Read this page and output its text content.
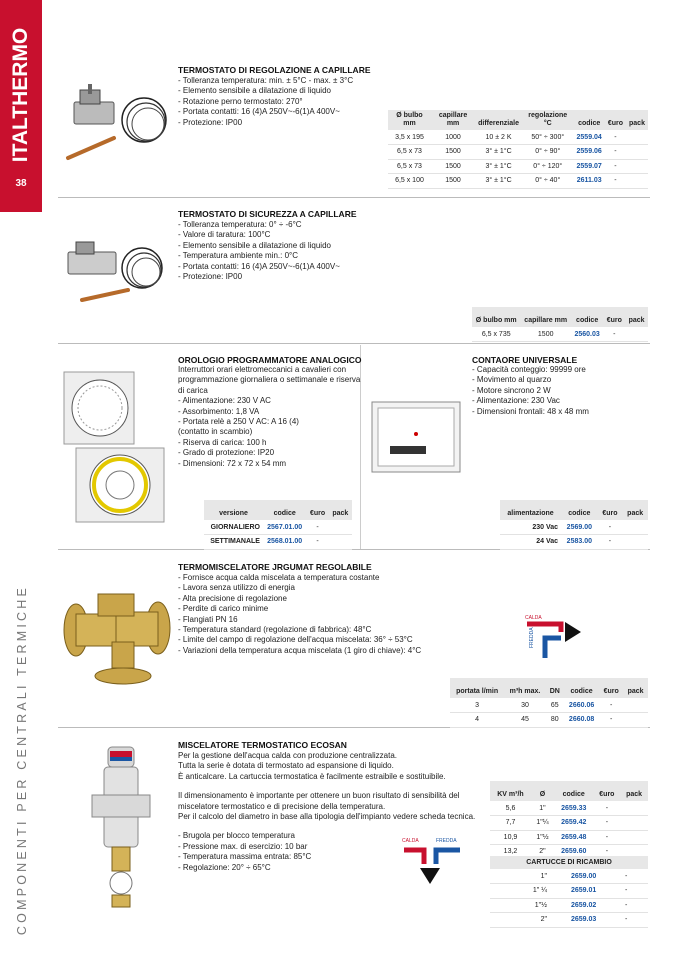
ITALTHERMO
38
COMPONENTI PER CENTRALI TERMICHE
TERMOSTATO DI REGOLAZIONE A CAPILLARE
- Tolleranza temperatura: min. ± 5°C - max. ± 3°C
- Elemento sensibile a dilatazione di liquido
- Rotazione perno termostato: 270°
- Portata contatti: 16 (4)A 250V~-6(1)A 400V~
- Protezione: IP00
Ø bulbo mm	capillare mm	differenziale	regolazione °C	codice	€uro	pack
3,5 x 195	1000	10 ± 2 K	50° ÷ 300°	2559.04	-	
6,5 x 73	1500	3° ± 1°C	0° ÷ 90°	2559.06	-	
6,5 x 73	1500	3° ± 1°C	0° ÷ 120°	2559.07	-	
6,5 x 100	1500	3° ± 1°C	0° ÷ 40°	2611.03	-	
TERMOSTATO DI SICUREZZA A CAPILLARE
- Tolleranza temperatura: 0° ÷ -6°C
- Valore di taratura: 100°C
- Elemento sensibile a dilatazione di liquido
- Temperatura ambiente min.: 0°C
- Portata contatti: 16 (4)A 250V~-6(1)A 400V~
- Protezione: IP00
Ø bulbo mm	capillare mm	codice	€uro	pack
6,5 x 735	1500	2560.03	-	
OROLOGIO PROGRAMMATORE ANALOGICO
Interruttori orari elettromeccanici a cavalieri con
programmazione giornaliera o settimanale e riserva
di carica
- Alimentazione: 230 V AC
- Assorbimento: 1,8 VA
- Portata relè a 250 V AC: A 16 (4)
(contatto in scambio)
- Riserva di carica: 100 h
- Grado di protezione: IP20
- Dimensioni: 72 x 72 x 54 mm
versione	codice	€uro	pack
GIORNALIERO	2567.01.00	-	
SETTIMANALE	2568.01.00	-	
CONTAORE UNIVERSALE
- Capacità conteggio: 99999 ore
- Movimento al quarzo
- Motore sincrono 2 W
- Alimentazione: 230 Vac
- Dimensioni frontali: 48 x 48 mm
alimentazione	codice	€uro	pack
230 Vac	2569.00	-	
24 Vac	2583.00	-	
TERMOMISCELATORE JRGUMAT REGOLABILE
- Fornisce acqua calda miscelata a temperatura costante
- Lavora senza utilizzo di energia
- Alta precisione di regolazione
- Perdite di carico minime
- Flangiati PN 16
- Temperatura standard (regolazione di fabbrica): 48°C
- Limite del campo di regolazione dell'acqua miscelata: 36° ÷ 53°C
- Variazioni della temperatura acqua miscelata (1 giro di chiave): 4°C
CALDA
FREDDA
portata l/min	m³h max.	DN	codice	€uro	pack
3	30	65	2660.06	-	
4	45	80	2660.08	-	
MISCELATORE TERMOSTATICO ECOSAN
Per la gestione dell'acqua calda con produzione centralizzata.
Tutta la serie è dotata di termostato ad espansione di liquido.
È anticalcare. La cartuccia termostatica è facilmente estraibile e sostituibile.
Il dimensionamento è importante per ottenere un buon risultato di sensibilità del
miscelatore termostatico e di precisione della temperatura.
Per il calcolo del diametro in base alla tipologia dell'impianto vedere scheda tecnica.
- Brugola per blocco temperatura
- Pressione max. di esercizio: 10 bar
- Temperatura massima entrata: 85°C
- Regolazione: 20° ÷ 65°C
CALDA	FREDDA
KV m³/h	Ø	codice	€uro	pack
5,6	1"	2659.33	-	
7,7	1"¼	2659.42	-	
10,9	1"½	2659.48	-	
13,2	2"	2659.60	-	
CARTUCCE DI RICAMBIO
1"	2659.00	-	
1" ¼	2659.01	-	
1"½	2659.02	-	
2"	2659.03	-	
